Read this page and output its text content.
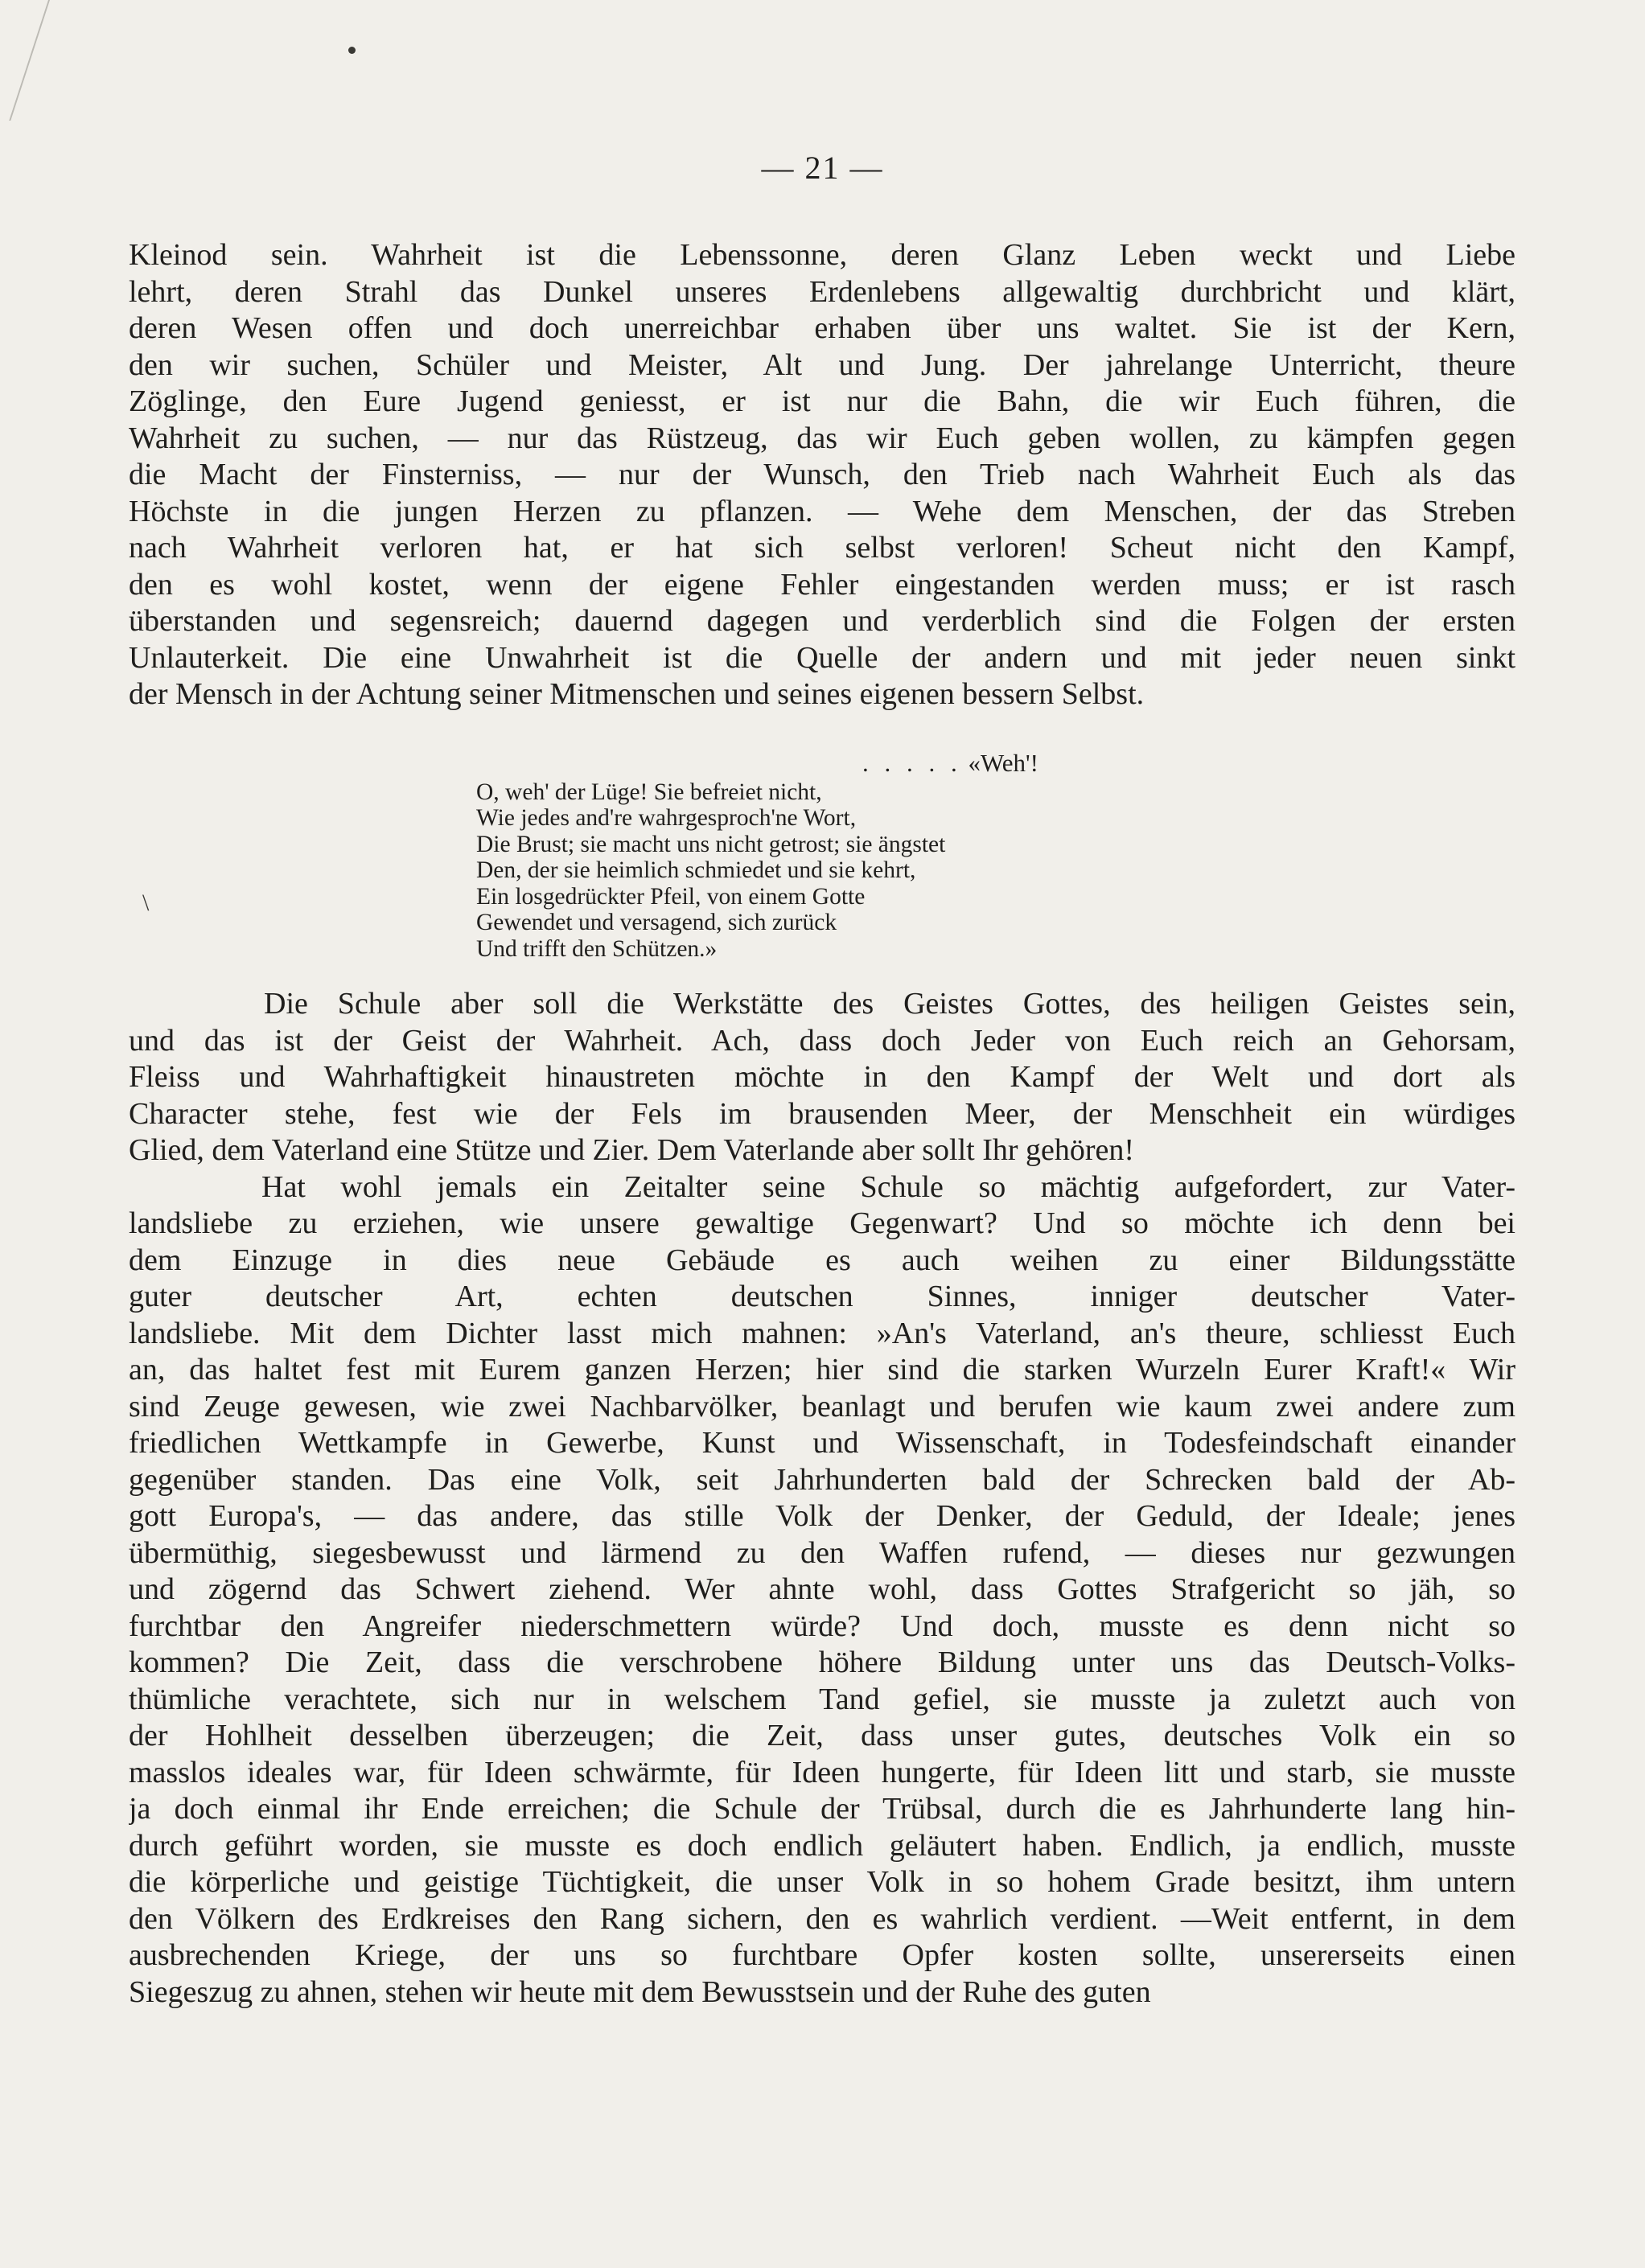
— 21 —
Kleinod sein. Wahrheit ist die Lebenssonne, deren Glanz Leben weckt und Liebe
lehrt, deren Strahl das Dunkel unseres Erdenlebens allgewaltig durchbricht und klärt,
deren Wesen offen und doch unerreichbar erhaben über uns waltet. Sie ist der Kern,
den wir suchen, Schüler und Meister, Alt und Jung. Der jahrelange Unterricht, theure
Zöglinge, den Eure Jugend geniesst, er ist nur die Bahn, die wir Euch führen, die
Wahrheit zu suchen, — nur das Rüstzeug, das wir Euch geben wollen, zu kämpfen gegen
die Macht der Finsterniss, — nur der Wunsch, den Trieb nach Wahrheit Euch als das
Höchste in die jungen Herzen zu pflanzen. — Wehe dem Menschen, der das Streben
nach Wahrheit verloren hat, er hat sich selbst verloren! Scheut nicht den Kampf,
den es wohl kostet, wenn der eigene Fehler eingestanden werden muss; er ist rasch
überstanden und segensreich; dauernd dagegen und verderblich sind die Folgen der ersten
Unlauterkeit. Die eine Unwahrheit ist die Quelle der andern und mit jeder neuen sinkt
der Mensch in der Achtung seiner Mitmenschen und seines eigenen bessern Selbst.
. . . . . «Weh'!
O, weh' der Lüge! Sie befreiet nicht,
Wie jedes and're wahrgesproch'ne Wort,
Die Brust; sie macht uns nicht getrost; sie ängstet
Den, der sie heimlich schmiedet und sie kehrt,
Ein losgedrückter Pfeil, von einem Gotte
Gewendet und versagend, sich zurück
Und trifft den Schützen.»
Die Schule aber soll die Werkstätte des Geistes Gottes, des heiligen Geistes sein,
und das ist der Geist der Wahrheit. Ach, dass doch Jeder von Euch reich an Gehorsam,
Fleiss und Wahrhaftigkeit hinaustreten möchte in den Kampf der Welt und dort als
Character stehe, fest wie der Fels im brausenden Meer, der Menschheit ein würdiges
Glied, dem Vaterland eine Stütze und Zier. Dem Vaterlande aber sollt Ihr gehören!
Hat wohl jemals ein Zeitalter seine Schule so mächtig aufgefordert, zur Vater-
landsliebe zu erziehen, wie unsere gewaltige Gegenwart? Und so möchte ich denn bei
dem Einzuge in dies neue Gebäude es auch weihen zu einer Bildungsstätte
guter deutscher Art, echten deutschen Sinnes, inniger deutscher Vater-
landsliebe. Mit dem Dichter lasst mich mahnen: »An's Vaterland, an's theure, schliesst Euch
an, das haltet fest mit Eurem ganzen Herzen; hier sind die starken Wurzeln Eurer Kraft!« Wir
sind Zeuge gewesen, wie zwei Nachbarvölker, beanlagt und berufen wie kaum zwei andere zum
friedlichen Wettkampfe in Gewerbe, Kunst und Wissenschaft, in Todesfeindschaft einander
gegenüber standen. Das eine Volk, seit Jahrhunderten bald der Schrecken bald der Ab-
gott Europa's, — das andere, das stille Volk der Denker, der Geduld, der Ideale; jenes
übermüthig, siegesbewusst und lärmend zu den Waffen rufend, — dieses nur gezwungen
und zögernd das Schwert ziehend. Wer ahnte wohl, dass Gottes Strafgericht so jäh, so
furchtbar den Angreifer niederschmettern würde? Und doch, musste es denn nicht so
kommen? Die Zeit, dass die verschrobene höhere Bildung unter uns das Deutsch-Volks-
thümliche verachtete, sich nur in welschem Tand gefiel, sie musste ja zuletzt auch von
der Hohlheit desselben überzeugen; die Zeit, dass unser gutes, deutsches Volk ein so
masslos ideales war, für Ideen schwärmte, für Ideen hungerte, für Ideen litt und starb, sie musste
ja doch einmal ihr Ende erreichen; die Schule der Trübsal, durch die es Jahrhunderte lang hin-
durch geführt worden, sie musste es doch endlich geläutert haben. Endlich, ja endlich, musste
die körperliche und geistige Tüchtigkeit, die unser Volk in so hohem Grade besitzt, ihm untern
den Völkern des Erdkreises den Rang sichern, den es wahrlich verdient. —Weit entfernt, in dem
ausbrechenden Kriege, der uns so furchtbare Opfer kosten sollte, unsererseits einen
Siegeszug zu ahnen, stehen wir heute mit dem Bewusstsein und der Ruhe des guten
\
